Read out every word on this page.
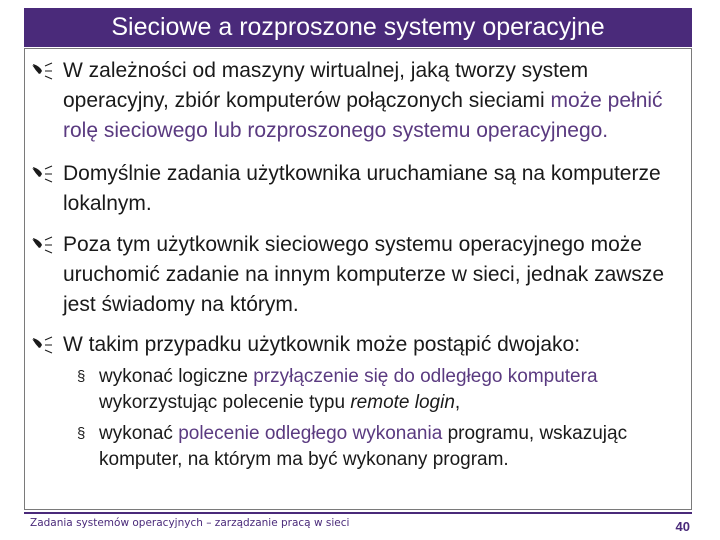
Sieciowe a rozproszone systemy operacyjne
W zależności od maszyny wirtualnej, jaką tworzy system operacyjny, zbiór komputerów połączonych sieciami może pełnić rolę sieciowego lub rozproszonego systemu operacyjnego.
Domyślnie zadania użytkownika uruchamiane są na komputerze lokalnym.
Poza tym użytkownik sieciowego systemu operacyjnego może uruchomić zadanie na innym komputerze w sieci, jednak zawsze jest świadomy na którym.
W takim przypadku użytkownik może postąpić dwojako:
§ wykonać logiczne przyłączenie się do odległego komputera wykorzystując polecenie typu remote login,
§ wykonać polecenie odległego wykonania programu, wskazując komputer, na którym ma być wykonany program.
Zadania systemów operacyjnych – zarządzanie pracą w sieci	40
